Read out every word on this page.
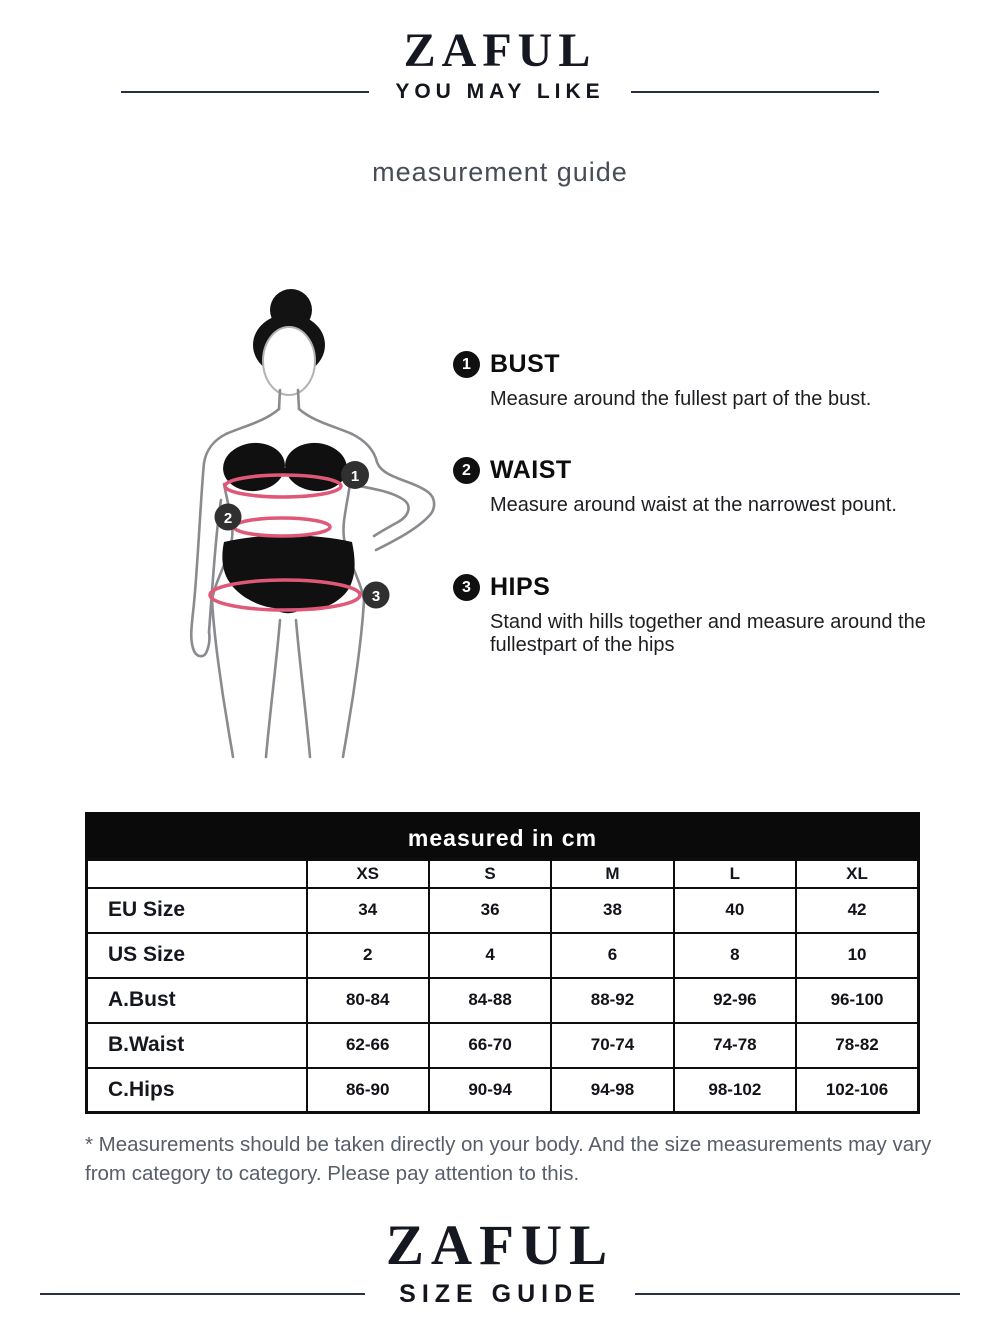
ZAFUL
YOU MAY LIKE
measurement guide
1
2
3
1 BUST
Measure around the fullest part of the bust.
2 WAIST
Measure around waist at the narrowest pount.
3 HIPS
Stand with hills together and measure around the fullestpart of the hips
measured in cm
	XS	S	M	L	XL
EU Size	34	36	38	40	42
US Size	2	4	6	8	10
A.Bust	80-84	84-88	88-92	92-96	96-100
B.Waist	62-66	66-70	70-74	74-78	78-82
C.Hips	86-90	90-94	94-98	98-102	102-106
* Measurements should be taken directly on your body. And the size measurements may vary from category to category. Please pay attention to this.
ZAFUL
SIZE GUIDE
